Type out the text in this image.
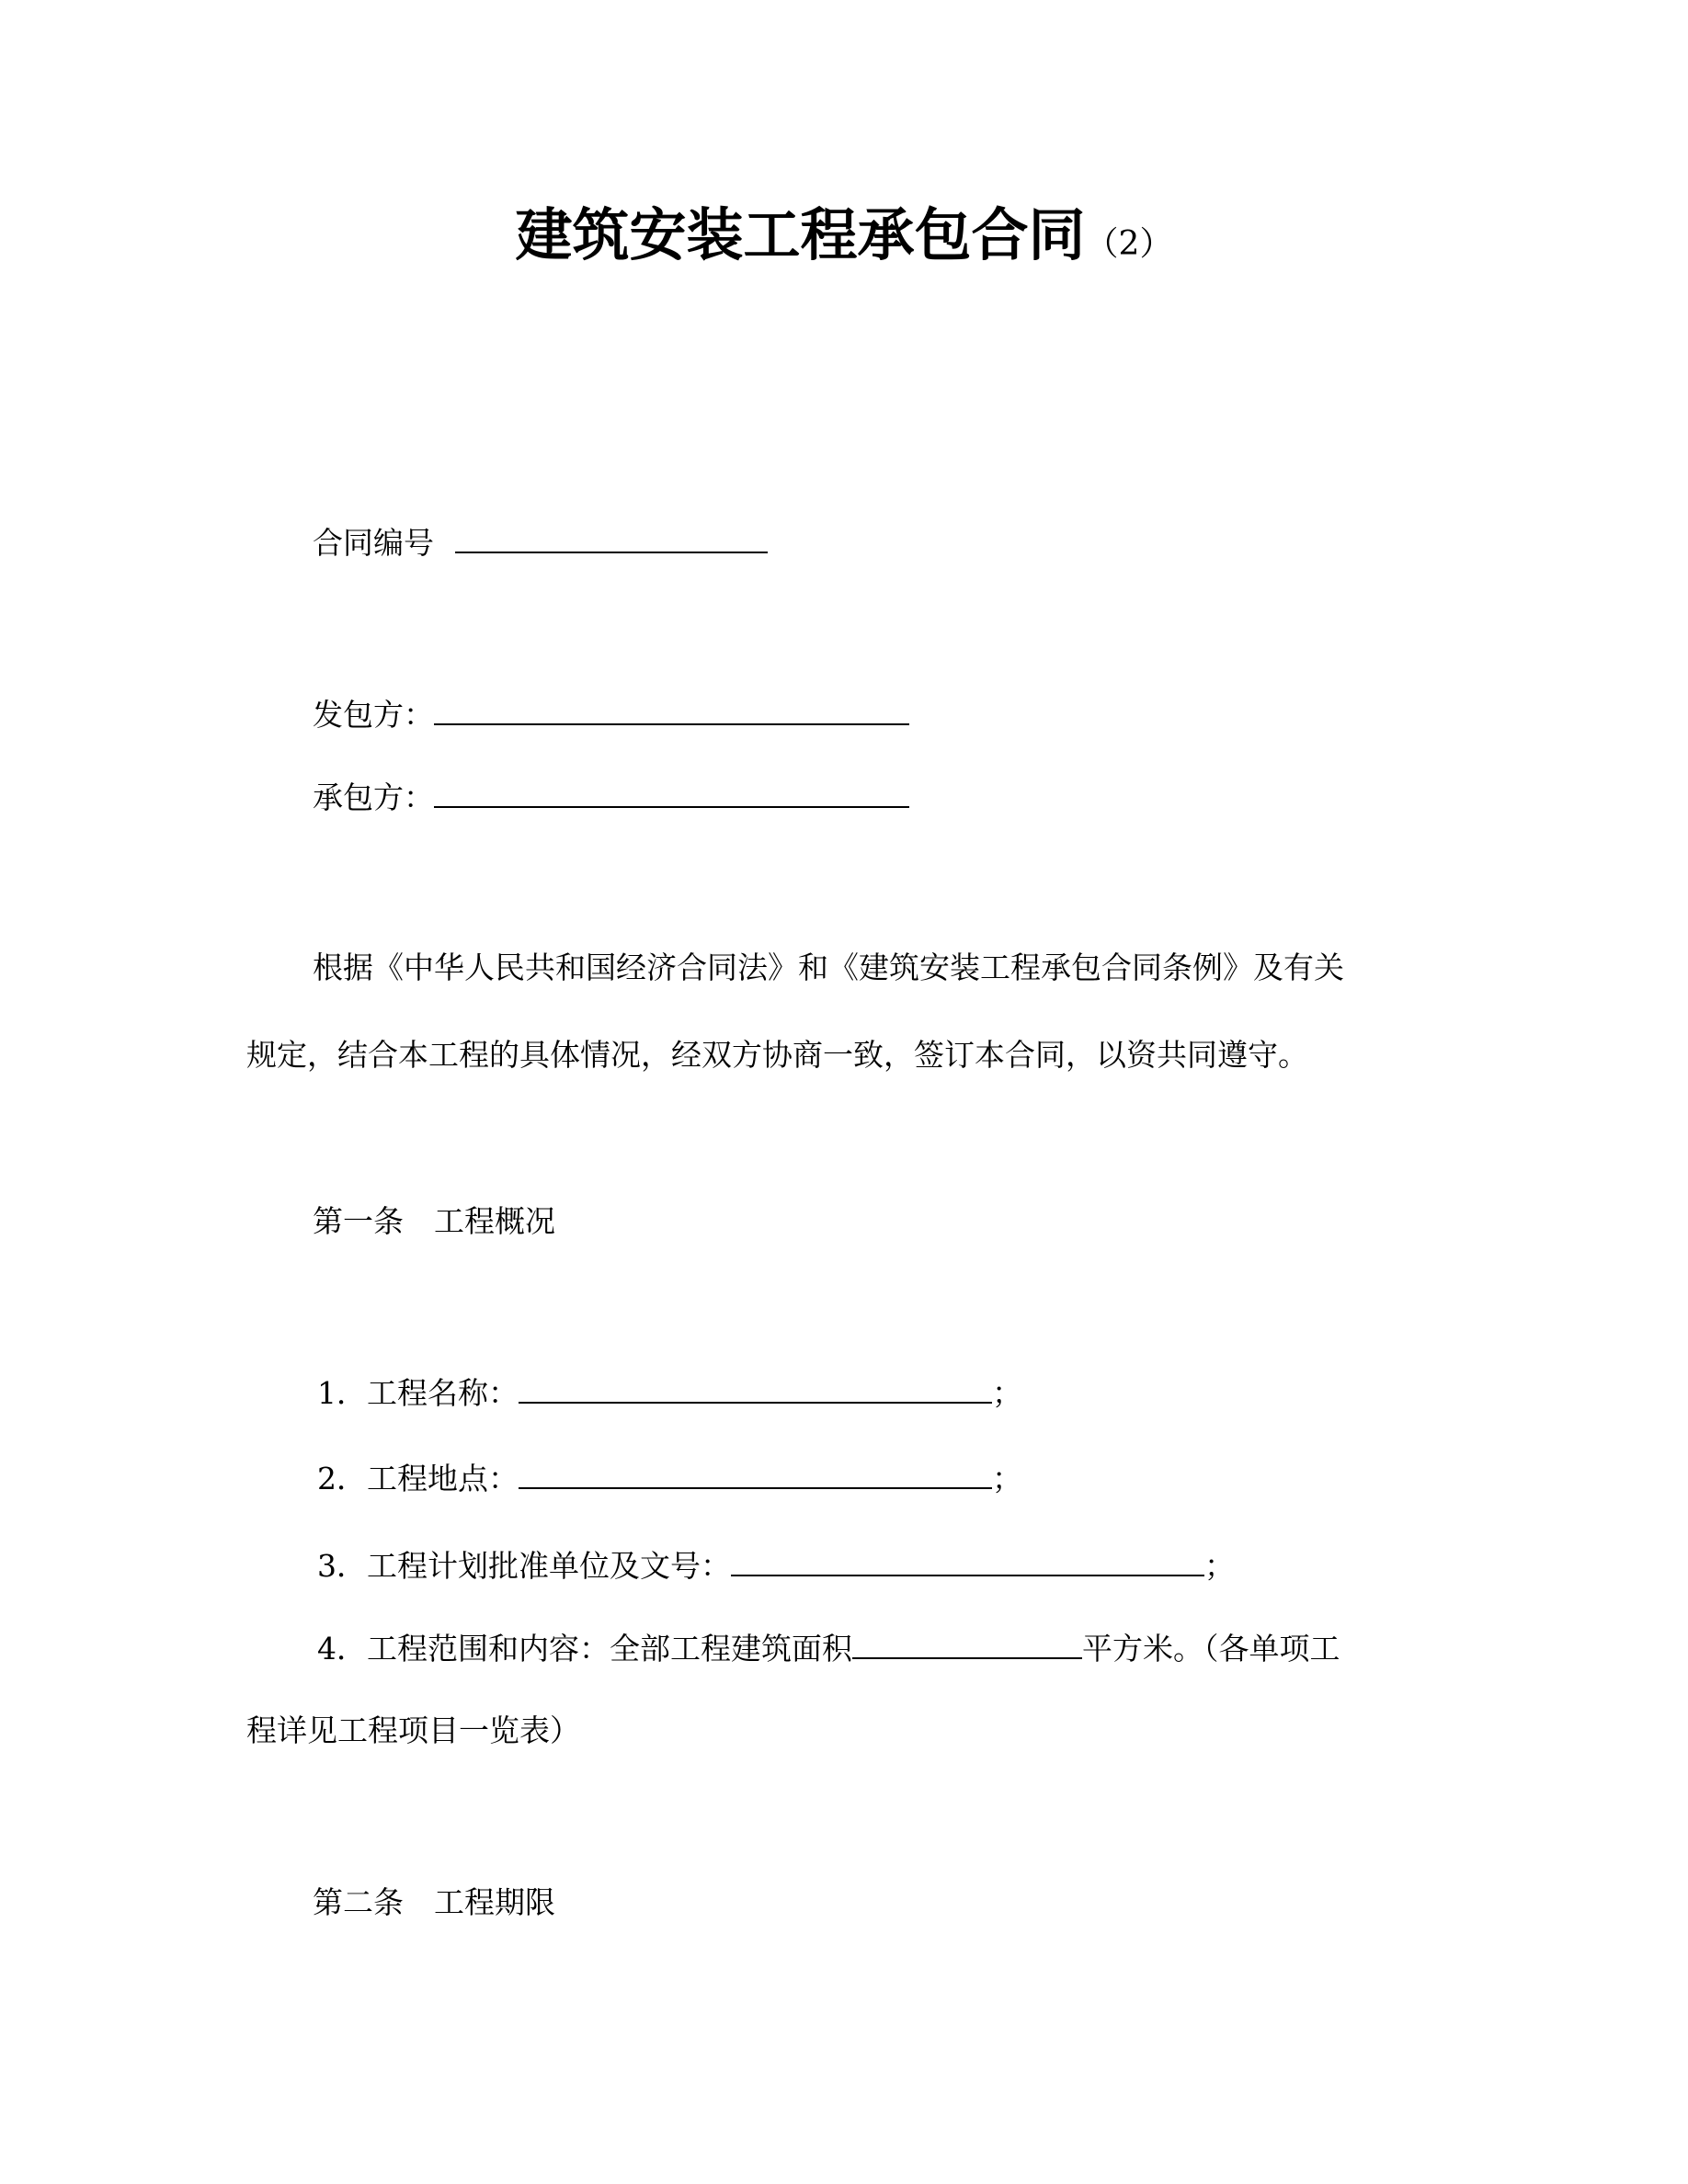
建筑安装工程承包合同（2）
合同编号
发包方：
承包方：
根据《中华人民共和国经济合同法》和《建筑安装工程承包合同条例》及有关
规定，结合本工程的具体情况，经双方协商一致，签订本合同，以资共同遵守。
第一条　工程概况
1．工程名称：	；
2．工程地点：	；
3．工程计划批准单位及文号：	；
4．工程范围和内容：全部工程建筑面积	平方米。（各单项工
程详见工程项目一览表）
第二条　工程期限
